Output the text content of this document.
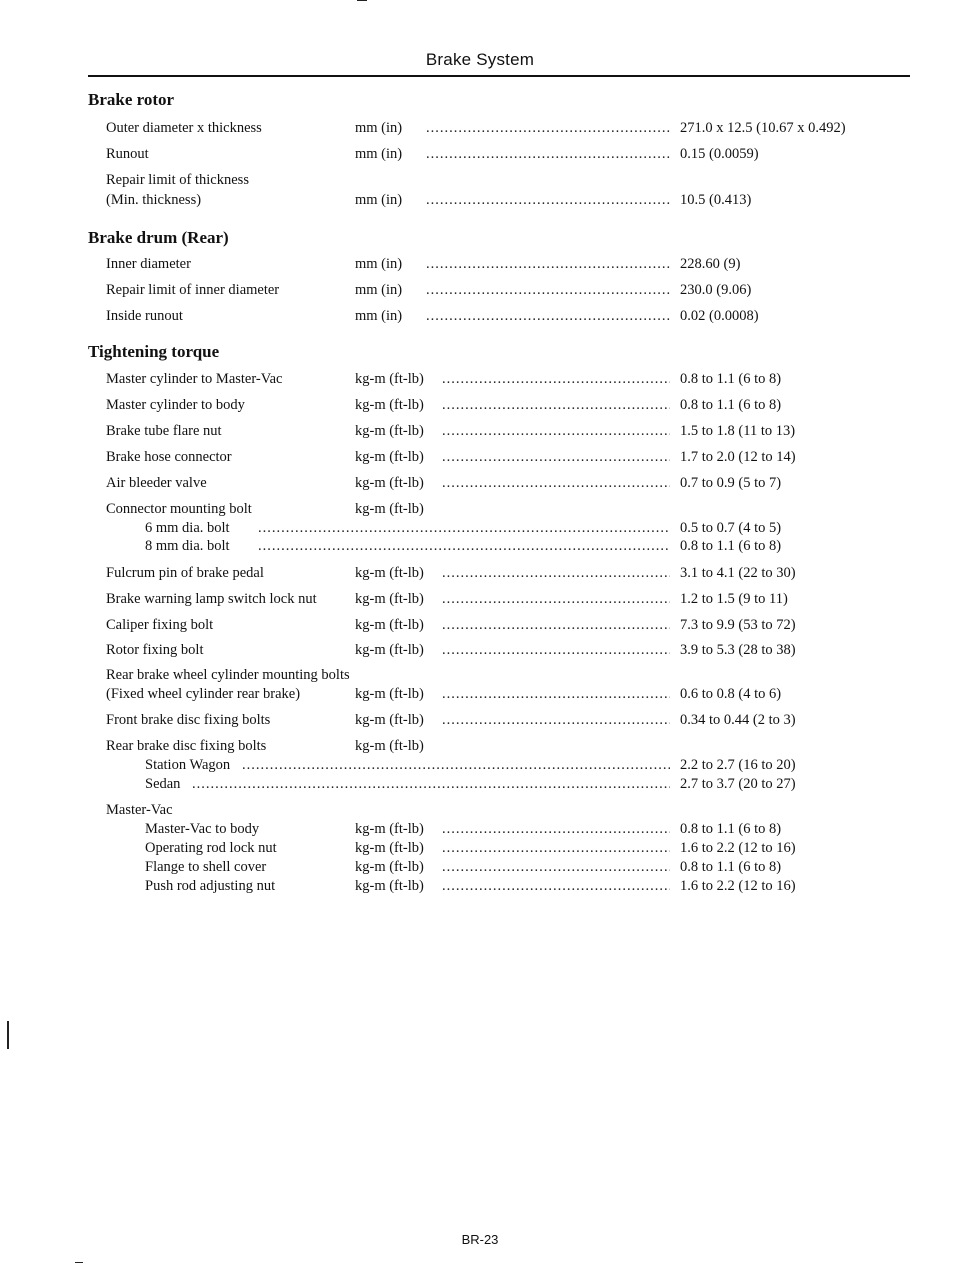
Brake System
Brake rotor
Outer diameter x thickness	mm (in) .....	271.0 x 12.5 (10.67 x 0.492)
Runout	mm (in) .....	0.15 (0.0059)
Repair limit of thickness
(Min. thickness)	mm (in) .....	10.5 (0.413)
Brake drum (Rear)
Inner diameter	mm (in) .....	228.60 (9)
Repair limit of inner diameter	mm (in) .....	230.0 (9.06)
Inside runout	mm (in) .....	0.02 (0.0008)
Tightening torque
Master cylinder to Master-Vac	kg-m (ft-lb) .....	0.8 to 1.1 (6 to 8)
Master cylinder to body	kg-m (ft-lb) .....	0.8 to 1.1 (6 to 8)
Brake tube flare nut	kg-m (ft-lb) .....	1.5 to 1.8 (11 to 13)
Brake hose connector	kg-m (ft-lb) .....	1.7 to 2.0 (12 to 14)
Air bleeder valve	kg-m (ft-lb) .....	0.7 to 0.9 (5 to 7)
Connector mounting bolt	kg-m (ft-lb)
6 mm dia. bolt .....	0.5 to 0.7 (4 to 5)
8 mm dia. bolt .....	0.8 to 1.1 (6 to 8)
Fulcrum pin of brake pedal	kg-m (ft-lb) .....	3.1 to 4.1 (22 to 30)
Brake warning lamp switch lock nut	kg-m (ft-lb) .....	1.2 to 1.5 (9 to 11)
Caliper fixing bolt	kg-m (ft-lb) .....	7.3 to 9.9 (53 to 72)
Rotor fixing bolt	kg-m (ft-lb) .....	3.9 to 5.3 (28 to 38)
Rear brake wheel cylinder mounting bolts
(Fixed wheel cylinder rear brake)	kg-m (ft-lb) .....	0.6 to 0.8 (4 to 6)
Front brake disc fixing bolts	kg-m (ft-lb) .....	0.34 to 0.44 (2 to 3)
Rear brake disc fixing bolts	kg-m (ft-lb)
Station Wagon .....	2.2 to 2.7 (16 to 20)
Sedan .....	2.7 to 3.7 (20 to 27)
Master-Vac
Master-Vac to body	kg-m (ft-lb) .....	0.8 to 1.1 (6 to 8)
Operating rod lock nut	kg-m (ft-lb) .....	1.6 to 2.2 (12 to 16)
Flange to shell cover	kg-m (ft-lb) .....	0.8 to 1.1 (6 to 8)
Push rod adjusting nut	kg-m (ft-lb) .....	1.6 to 2.2 (12 to 16)
BR-23
